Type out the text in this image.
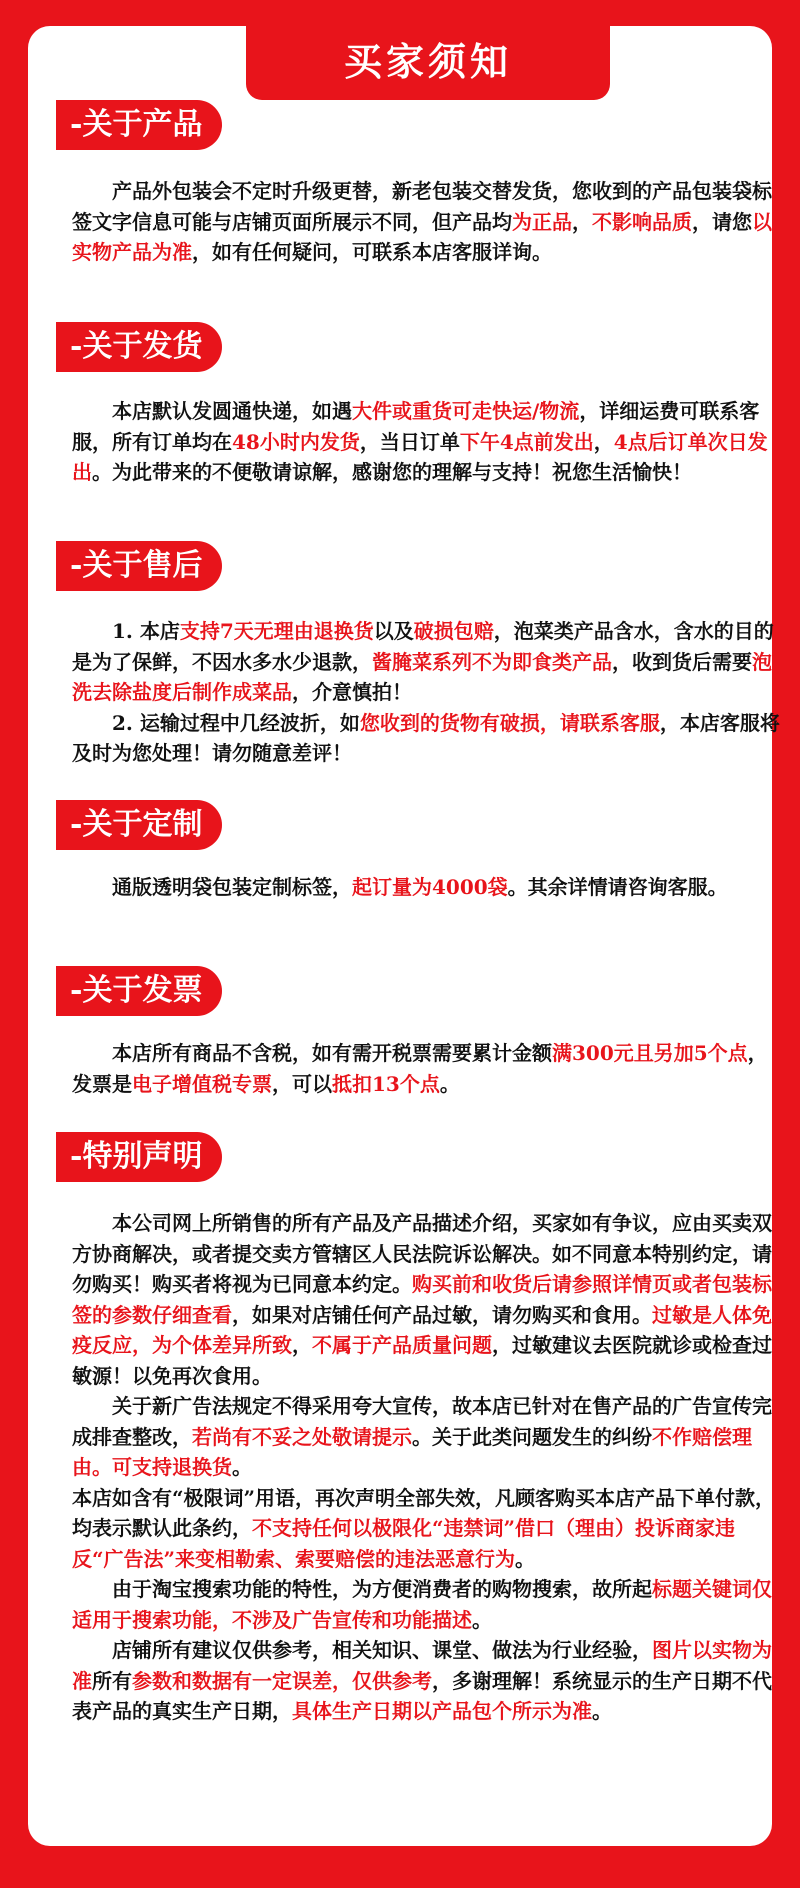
买家须知
-关于产品

　　产品外包装会不定时升级更替，新老包装交替发货，您收到的产品包装袋标签文字信息可能与店铺页面所展示不同，但产品均为正品，不影响品质，请您以实物产品为准，如有任何疑问，可联系本店客服详询。

-关于发货

　　本店默认发圆通快递，如遇大件或重货可走快运/物流，详细运费可联系客服，所有订单均在48小时内发货，当日订单下午4点前发出，4点后订单次日发出。为此带来的不便敬请谅解，感谢您的理解与支持！祝您生活愉快！

-关于售后

　　1. 本店支持7天无理由退换货以及破损包赔，泡菜类产品含水，含水的目的是为了保鲜，不因水多水少退款，酱腌菜系列不为即食类产品，收到货后需要泡洗去除盐度后制作成菜品，介意慎拍！

　　2. 运输过程中几经波折，如您收到的货物有破损，请联系客服，本店客服将及时为您处理！请勿随意差评！

-关于定制

　　通版透明袋包装定制标签，起订量为4000袋。其余详情请咨询客服。

-关于发票

　　本店所有商品不含税，如有需开税票需要累计金额满300元且另加5个点，发票是电子增值税专票，可以抵扣13个点。

-特别声明

　　本公司网上所销售的所有产品及产品描述介绍，买家如有争议，应由买卖双方协商解决，或者提交卖方管辖区人民法院诉讼解决。如不同意本特别约定，请勿购买！购买者将视为已同意本约定。购买前和收货后请参照详情页或者包装标签的参数仔细查看，如果对店铺任何产品过敏，请勿购买和食用。过敏是人体免疫反应，为个体差异所致，不属于产品质量问题，过敏建议去医院就诊或检查过敏源！以免再次食用。

　　关于新广告法规定不得采用夸大宣传，故本店已针对在售产品的广告宣传完成排查整改，若尚有不妥之处敬请提示。关于此类问题发生的纠纷不作赔偿理由。可支持退换货。

本店如含有“极限词”用语，再次声明全部失效，凡顾客购买本店产品下单付款，均表示默认此条约，不支持任何以极限化“违禁词”借口（理由）投诉商家违反“广告法”来变相勒索、索要赔偿的违法恶意行为。

　　由于淘宝搜索功能的特性，为方便消费者的购物搜索，故所起标题关键词仅适用于搜索功能，不涉及广告宣传和功能描述。

　　店铺所有建议仅供参考，相关知识、课堂、做法为行业经验，图片以实物为准所有参数和数据有一定误差，仅供参考，多谢理解！系统显示的生产日期不代表产品的真实生产日期，具体生产日期以产品包个所示为准。
